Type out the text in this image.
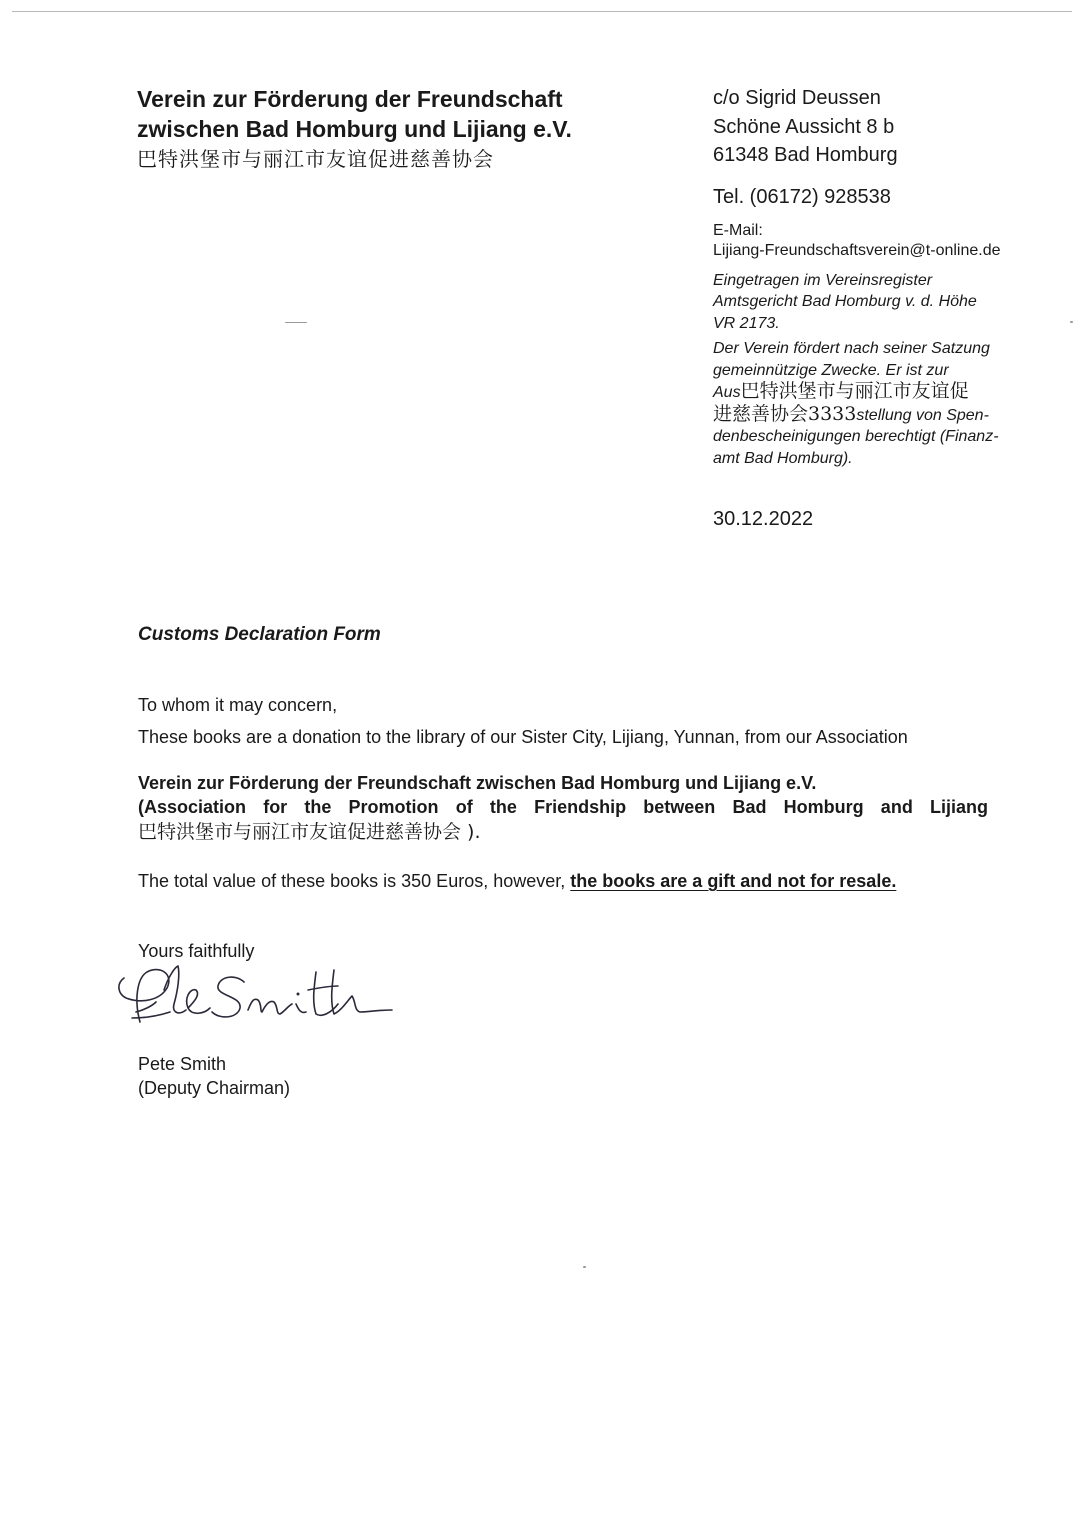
Verein zur Förderung der Freundschaft

zwischen Bad Homburg und Lijiang e.V.

巴特洪堡市与丽江市友谊促进慈善协会

c/o Sigrid Deussen

Schöne Aussicht 8 b

61348 Bad Homburg

Tel. (06172) 928538

E-Mail:

Lijiang-Freundschaftsverein@t-online.de

Eingetragen im Vereinsregister
Amtsgericht Bad Homburg v. d. Höhe
VR 2173.
Der Verein fördert nach seiner Satzung
gemeinnützige Zwecke. Er ist zur
Aus巴特洪堡市与丽江市友谊促
进慈善协会3333stellung von Spen-
denbescheinigungen berechtigt (Finanz-
amt Bad Homburg).
30.12.2022
Customs Declaration Form

To whom it may concern,

These books are a donation to the library of our Sister City, Lijiang, Yunnan, from our Association

Verein zur Förderung der Freundschaft zwischen Bad Homburg und Lijiang e.V.

(Association for the Promotion of the Friendship between Bad Homburg and Lijiang

巴特洪堡市与丽江市友谊促进慈善协会 ).

The total value of these books is 350 Euros, however, the books are a gift and not for resale.

Yours faithfully

Pete Smith

(Deputy Chairman)
